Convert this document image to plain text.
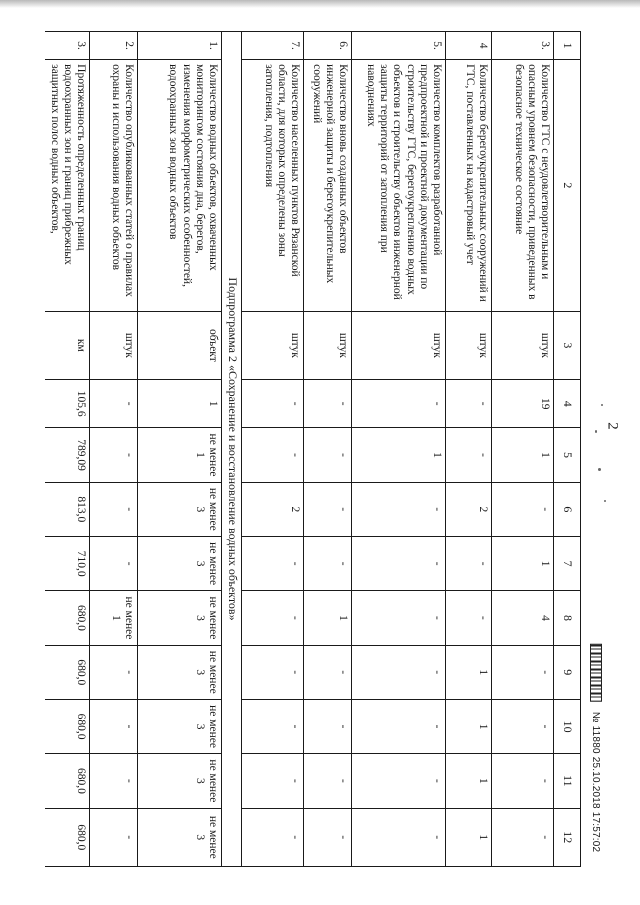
2
№ 11880 25.10.2018 17:57:02
1	2	3	4	5	6	7	8	9	10	11	12
3.	Количество ГТС с неудовлетворительным и опасным уровнем безопасности, приведенных в безопасное техническое состояние	штук	19	1	-	1	4	-	-	-	-
4	Количество берегоукрепительных сооружений и ГТС, поставленных на кадастровый учет	штук	-	-	2	-	-	1	1	1	1
5.	Количество комплектов разработанной предпроектной и проектной документации по строительству ГТС, берегоукреплению водных объектов и строительству объектов инженерной защиты территорий от затопления при наводнениях	штук	-	1	-	-	-	-	-	-	-
6.	Количество вновь созданных объектов инженерной защиты и берегоукрепительных сооружений	штук	-	-	-	-	1	-	-	-	-
7.	Количество населенных пунктов Рязанской области, для которых определены зоны затопления, подтопления	штук	-	-	2	-	-	-	-	-	-
Подпрограмма 2 «Сохранение и восстановление водных объектов»											
1.	Количество водных объектов, охваченных мониторингом состояния дна, берегов, изменения морфометрических особенностей, водоохранных зон водных объектов	объект	1	не менее 1	не менее 3	не менее 3	не менее 3	не менее 3	не менее 3	не менее 3	не менее 3
2.	Количество опубликованных статей о правилах охраны и использования водных объектов	штук	-	-	-	-	не менее 1	-	-	-	-
3.	Протяженность определенных границ водоохранных зон и границ прибрежных защитных полос водных объектов,	км	105,6	789,09	813,0	710,0	680,0	680,0	680,0	680,0	680,0
